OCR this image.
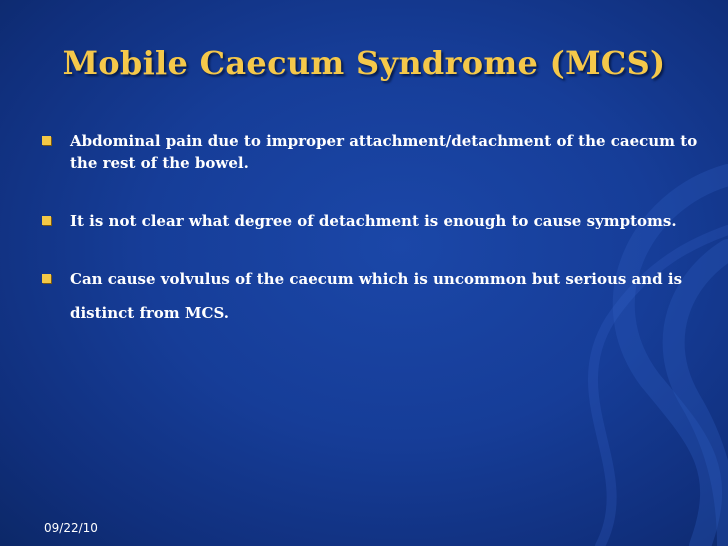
Mobile Caecum Syndrome (MCS)
Abdominal pain due to improper attachment/detachment of the caecum to the rest of the bowel.
It is not clear what degree of detachment is enough to cause symptoms.
Can cause volvulus of the caecum which is uncommon but serious and is distinct from MCS.
09/22/10
